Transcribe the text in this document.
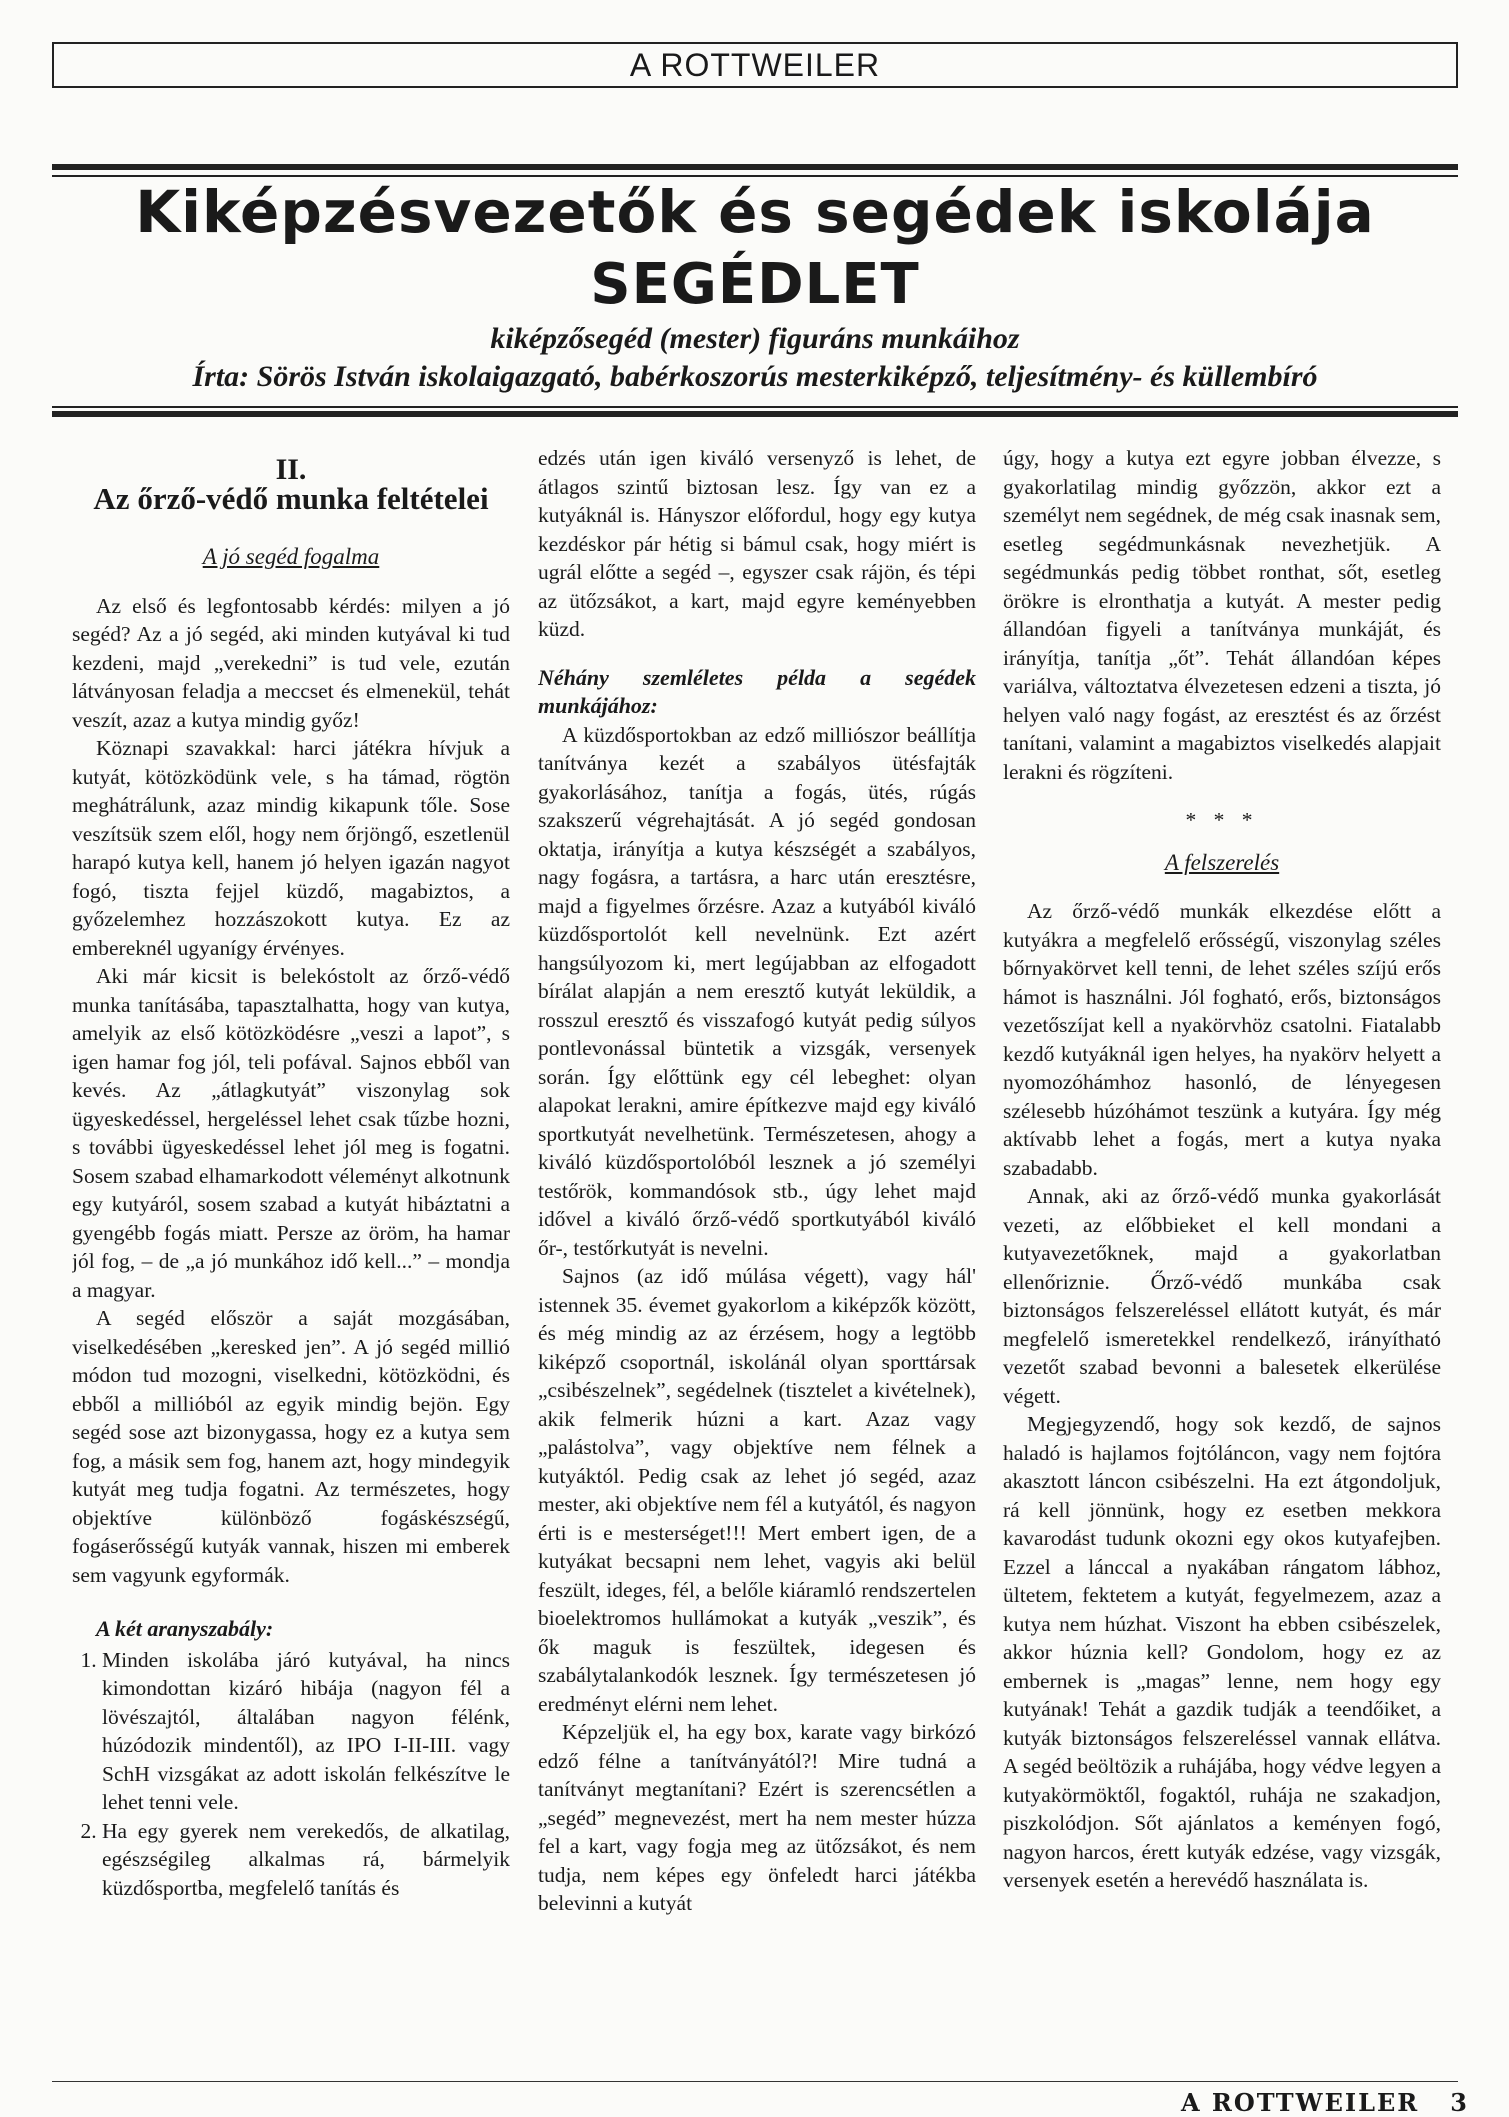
A ROTTWEILER
Kiképzésvezetők és segédek iskolája
SEGÉDLET
kiképzősegéd (mester) figuráns munkáihoz
Írta: Sörös István iskolaigazgató, babérkoszorús mesterkiképző, teljesítmény- és küllembíró
II.
Az őrző-védő munka feltételei
A jó segéd fogalma

Az első és legfontosabb kérdés: milyen a jó segéd? Az a jó segéd, aki minden kutyával ki tud kezdeni, majd „verekedni” is tud vele, ezután látványosan feladja a meccset és elmenekül, tehát veszít, azaz a kutya mindig győz!

Köznapi szavakkal: harci játékra hívjuk a kutyát, kötözködünk vele, s ha támad, rögtön meghátrálunk, azaz mindig kikapunk tőle. Sose veszítsük szem elől, hogy nem őrjöngő, eszetlenül harapó kutya kell, hanem jó helyen igazán nagyot fogó, tiszta fejjel küzdő, magabiztos, a győzelemhez hozzászokott kutya. Ez az embereknél ugyanígy érvényes.

Aki már kicsit is belekóstolt az őrző-védő munka tanításába, tapasztalhatta, hogy van kutya, amelyik az első kötözködésre „veszi a lapot”, s igen hamar fog jól, teli pofával. Sajnos ebből van kevés. Az „átlagkutyát” viszonylag sok ügyeskedéssel, hergeléssel lehet csak tűzbe hozni, s további ügyeskedéssel lehet jól meg is fogatni. Sosem szabad elhamarkodott véleményt alkotnunk egy kutyáról, sosem szabad a kutyát hibáztatni a gyengébb fogás miatt. Persze az öröm, ha hamar jól fog, – de „a jó munkához idő kell...” – mondja a magyar.

A segéd először a saját mozgásában, viselkedésében „keresked jen”. A jó segéd millió módon tud mozogni, viselkedni, kötözködni, és ebből a millióból az egyik mindig bejön. Egy segéd sose azt bizonygassa, hogy ez a kutya sem fog, a másik sem fog, hanem azt, hogy mindegyik kutyát meg tudja fogatni. Az természetes, hogy objektíve különböző fogáskészségű, fogáserősségű kutyák vannak, hiszen mi emberek sem vagyunk egyformák.

A két aranyszabály:
1. Minden iskolába járó kutyával, ha nincs kimondottan kizáró hibája (nagyon fél a lövészajtól, általában nagyon félénk, húzódozik mindentől), az IPO I-II-III. vagy SchH vizsgákat az adott iskolán felkészítve le lehet tenni vele.
2. Ha egy gyerek nem verekedős, de alkatilag, egészségileg alkalmas rá, bármelyik küzdősportba, megfelelő tanítás és

edzés után igen kiváló versenyző is lehet, de átlagos szintű biztosan lesz. Így van ez a kutyáknál is. Hányszor előfordul, hogy egy kutya kezdéskor pár hétig si bámul csak, hogy miért is ugrál előtte a segéd –, egyszer csak rájön, és tépi az ütőzsákot, a kart, majd egyre keményebben küzd.

Néhány szemléletes példa a segédek munkájához:

A küzdősportokban az edző milliószor beállítja tanítványa kezét a szabályos ütésfajták gyakorlásához, tanítja a fogás, ütés, rúgás szakszerű végrehajtását. A jó segéd gondosan oktatja, irányítja a kutya készségét a szabályos, nagy fogásra, a tartásra, a harc után eresztésre, majd a figyelmes őrzésre. Azaz a kutyából kiváló küzdősportolót kell nevelnünk. Ezt azért hangsúlyozom ki, mert legújabban az elfogadott bírálat alapján a nem eresztő kutyát leküldik, a rosszul eresztő és visszafogó kutyát pedig súlyos pontlevonással büntetik a vizsgák, versenyek során. Így előttünk egy cél lebeghet: olyan alapokat lerakni, amire építkezve majd egy kiváló sportkutyát nevelhetünk. Természetesen, ahogy a kiváló küzdősportolóból lesznek a jó személyi testőrök, kommandósok stb., úgy lehet majd idővel a kiváló őrző-védő sportkutyából kiváló őr-, testőrkutyát is nevelni.

Sajnos (az idő múlása végett), vagy hál' istennek 35. évemet gyakorlom a kiképzők között, és még mindig az az érzésem, hogy a legtöbb kiképző csoportnál, iskolánál olyan sporttársak „csibészelnek”, segédelnek (tisztelet a kivételnek), akik felmerik húzni a kart. Azaz vagy „palástolva”, vagy objektíve nem félnek a kutyáktól. Pedig csak az lehet jó segéd, azaz mester, aki objektíve nem fél a kutyától, és nagyon érti is e mesterséget!!! Mert embert igen, de a kutyákat becsapni nem lehet, vagyis aki belül feszült, ideges, fél, a belőle kiáramló rendszertelen bioelektromos hullámokat a kutyák „veszik”, és ők maguk is feszültek, idegesen és szabálytalankodók lesznek. Így természetesen jó eredményt elérni nem lehet.

Képzeljük el, ha egy box, karate vagy birkózó edző félne a tanítványától?! Mire tudná a tanítványt megtanítani? Ezért is szerencsétlen a „segéd” megnevezést, mert ha nem mester húzza fel a kart, vagy fogja meg az ütőzsákot, és nem tudja, nem képes egy önfeledt harci játékba belevinni a kutyát

úgy, hogy a kutya ezt egyre jobban élvezze, s gyakorlatilag mindig győzzön, akkor ezt a személyt nem segédnek, de még csak inasnak sem, esetleg segédmunkásnak nevezhetjük. A segédmunkás pedig többet ronthat, sőt, esetleg örökre is elronthatja a kutyát. A mester pedig állandóan figyeli a tanítványa munkáját, és irányítja, tanítja „őt”. Tehát állandóan képes variálva, változtatva élvezetesen edzeni a tiszta, jó helyen való nagy fogást, az eresztést és az őrzést tanítani, valamint a magabiztos viselkedés alapjait lerakni és rögzíteni.

* * *
A felszerelés

Az őrző-védő munkák elkezdése előtt a kutyákra a megfelelő erősségű, viszonylag széles bőrnyakörvet kell tenni, de lehet széles szíjú erős hámot is használni. Jól fogható, erős, biztonságos vezetőszíjat kell a nyakörvhöz csatolni. Fiatalabb kezdő kutyáknál igen helyes, ha nyakörv helyett a nyomozóhámhoz hasonló, de lényegesen szélesebb húzóhámot teszünk a kutyára. Így még aktívabb lehet a fogás, mert a kutya nyaka szabadabb.

Annak, aki az őrző-védő munka gyakorlását vezeti, az előbbieket el kell mondani a kutyavezetőknek, majd a gyakorlatban ellenőriznie. Őrző-védő munkába csak biztonságos felszereléssel ellátott kutyát, és már megfelelő ismeretekkel rendelkező, irányítható vezetőt szabad bevonni a balesetek elkerülése végett.

Megjegyzendő, hogy sok kezdő, de sajnos haladó is hajlamos fojtóláncon, vagy nem fojtóra akasztott láncon csibészelni. Ha ezt átgondoljuk, rá kell jönnünk, hogy ez esetben mekkora kavarodást tudunk okozni egy okos kutyafejben. Ezzel a lánccal a nyakában rángatom lábhoz, ültetem, fektetem a kutyát, fegyelmezem, azaz a kutya nem húzhat. Viszont ha ebben csibészelek, akkor húznia kell? Gondolom, hogy ez az embernek is „magas” lenne, nem hogy egy kutyának! Tehát a gazdik tudják a teendőiket, a kutyák biztonságos felszereléssel vannak ellátva. A segéd beöltözik a ruhájába, hogy védve legyen a kutyakörmöktől, fogaktól, ruhája ne szakadjon, piszkolódjon. Sőt ajánlatos a keményen fogó, nagyon harcos, érett kutyák edzése, vagy vizsgák, versenyek esetén a herevédő használata is.

A ROTTWEILER 3
